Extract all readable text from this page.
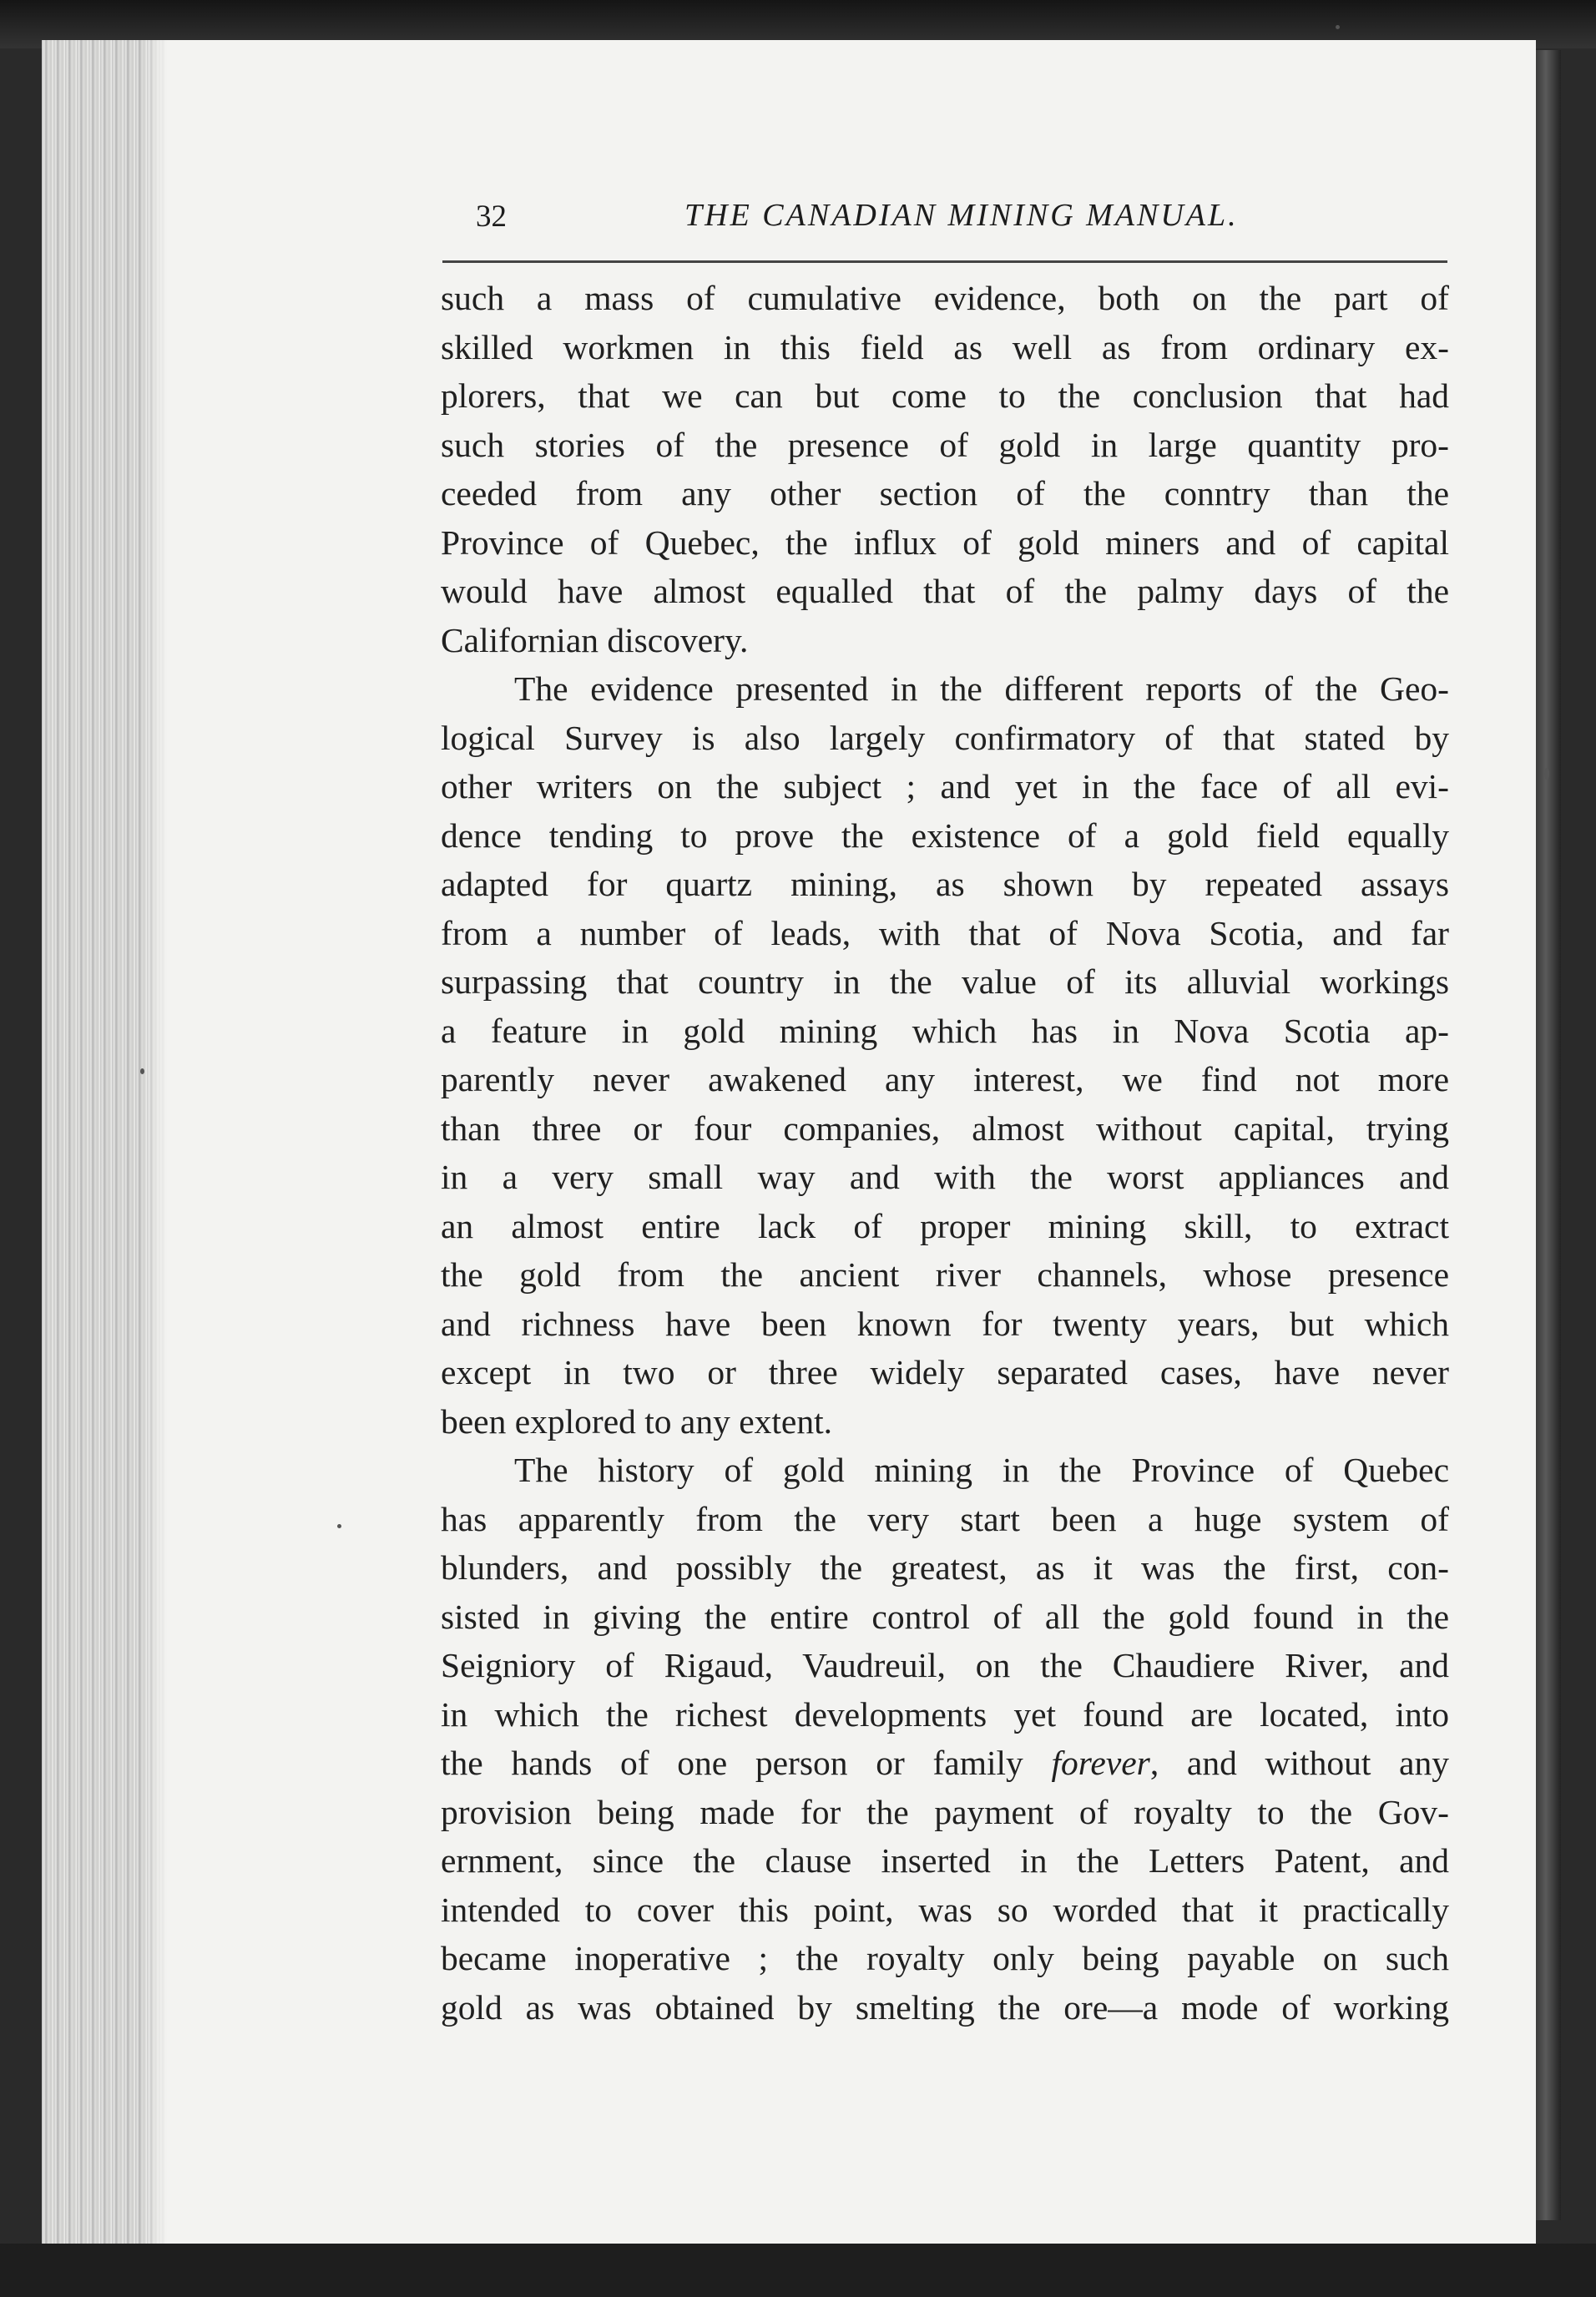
32	THE CANADIAN MINING MANUAL.

such a mass of cumulative evidence, both on the part of
skilled workmen in this field as well as from ordinary ex-
plorers, that we can but come to the conclusion that had
such stories of the presence of gold in large quantity pro-
ceeded from any other section of the conntry than the
Province of Quebec, the influx of gold miners and of capital
would have almost equalled that of the palmy days of the
Californian discovery.

The evidence presented in the different reports of the Geo-
logical Survey is also largely confirmatory of that stated by
other writers on the subject ; and yet in the face of all evi-
dence tending to prove the existence of a gold field equally
adapted for quartz mining, as shown by repeated assays
from a number of leads, with that of Nova Scotia, and far
surpassing that country in the value of its alluvial workings
a feature in gold mining which has in Nova Scotia ap-
parently never awakened any interest, we find not more
than three or four companies, almost without capital, trying
in a very small way and with the worst appliances and
an almost entire lack of proper mining skill, to extract
the gold from the ancient river channels, whose presence
and richness have been known for twenty years, but which
except in two or three widely separated cases, have never
been explored to any extent.

The history of gold mining in the Province of Quebec
has apparently from the very start been a huge system of
blunders, and possibly the greatest, as it was the first, con-
sisted in giving the entire control of all the gold found in the
Seigniory of Rigaud, Vaudreuil, on the Chaudiere River, and
in which the richest developments yet found are located, into
the hands of one person or family forever, and without any
provision being made for the payment of royalty to the Gov-
ernment, since the clause inserted in the Letters Patent, and
intended to cover this point, was so worded that it practically
became inoperative ; the royalty only being payable on such
gold as was obtained by smelting the ore—a mode of working
